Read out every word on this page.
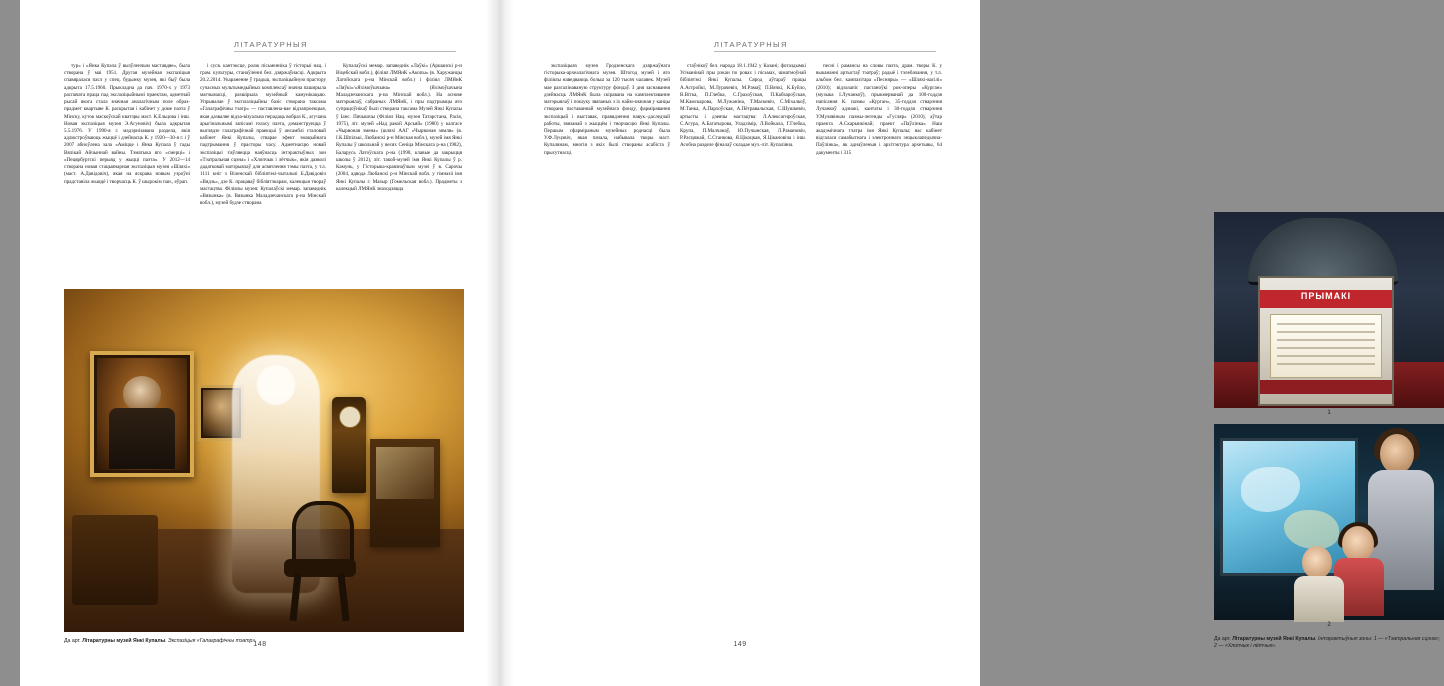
ЛІТАРАТУРНЫЯ

тур» і «Янка Купала ў вызўленчым маставдве», была створана ў маі 1951. Другая музейная экспазіцыя спавяралася пасл у спец. будынку музея, які быў была адкрыта 17.5.1960. Прыкладна да пач. 1970-х у 1973 распачата праца пад экслазіцыйнымі праектам, адметнай рысай якога стала значная аналагічным поле образ-прадмет квартыве К. раскрытая і кабінет у доме паэта ў Мінску, куток маскоўскай кватэры маст. К.Ельцова і інш. Новая экспазіцыя музея Э.Агуновіч) была адкрытая 5.5.1976. У 1990-я г. мадэрнізавана раздела, якія адлюстроўваюць жыццё і дзейнасць К. у 1920—30-я г. і ў 2007 абноўлена зала «Аміцце і Янка Купала ў гады Вялікай Айчыннай вайны. Тэматыка яго «смерці» і «Пецярбургскі перыяд у жыцці паэта». У 2012—14 створана новая стацыянарная экспазіцыя музея «Шляхі» (маст. А.Давідовіч), якая на яскрава новым узроўні прадставіла жыццё і творчасць К. ў шырокім пан., еўрап.

і суcв. кантэксце, ролю пісьменніка ў гісторыі нац. і грам. культуры, станаўленні бел. дзяржаўнасці. Адкрыта 20.2.2014. Укараненне ў традыц. экспазіцыйную прастору сучасных мультымедыйных комплексаў значна паширыла магчымасці, разшірыла музейный камунікацыю. Упрывалае ў эксплазіцыйны базіс створана таксама «Галаграфічны тэатр» — паставлена-вае відэапроекцыя, якая дазваляе відэа-візуальна перадаць вобраз К., агучана арыгінальнымі запісамі голасу паэта, дэманструецца ў выглядзе галаграфічнай праекцыі ў ансамблі сталовай кабінет Янкі Купалы, стварае эфект эмацыйнага падтрымання ў прасторы часу. Адметнасцю новай экспазіцыі з'яўляецца наяўнасць інтэрактыўных зон «Тэатральная сцэна» і «Хлопчык і лётчык», якія дазволі дадатковай матэрыялаў для асвятлення тэмы паэта, у т.л. 1111 кніг з Віленскай бібліятэкі-чытальні Б.Давідовіч «Вядзь», дзе К. працаваў бібліятэкарам, калекцыя твораў мастацтва. Філіялы музея: Купалаўскі мемар. запаведнік «Вязынка» (в. Вязынка Маладзечанскага р-на Мінскай вобл.), музей будзе створана

Купалаўскі мемар. запаведнік «Лаўкі» (Аршанскі р-н Віцебскай вобл.), філіял ЛМЯнК «Акопы» (в. Харужанцы Лагойскага р-на Мінскай вобл.) і філіял ЛМЯнК «Ляўкі»/«Яхімоўшчына» (Яхімоўшчына Маладзечанскага р-на Мінскай вобл.). На аснове матэрыялаў, сабраных ЛМЯнК, і пры падтрымцы яго супрацоўнікаў былі створана таксама Музей Янкі Купалы ў Іанс. Пячышчы (Філіял Нац. музея Татарстана, Расія, 1975), літ. музей «Над ракой Арсьяй» (1980) у калгасе «Чырвоная змена» (шляхі ААГ «Чырвоная зямля» (в. І.К.Шпількі, Любанскі р-н Мінская вобл.), музей імя Янкі Купалы ў школьнай у весях Сеніца Мінскага р-на (1982), Баларусь Латоўскага р-на (1998, клавые да закрыцця школы ў 2012), літ. такой-музей імя Янкі Купалы ў р. Камунь, у Гісторыка-краязнаўчым музеі ў в. Сарочы (2004, адвода Любанскі р-н Мінскай вобл. у гімназіі імя Янкі Купалы г. Мазыр (Гомельская вобл.). Прадметы з калекцый ЛМЯнК знаходзяцца

Да арт. Літаратурны музей Янкі Купалы. Экспазіцыя «Галаграфічны тэатр».
148
ЛІТАРАТУРНЫЯ

экспазіцыях музея Гродзенскага дзяржаўнага гісторыка-археалагічнага музея. Штогод музей і яго філіялы наведваюць больш за 120 тысяч чалавек. Музей мае разгалінаваную структуру фондаў. З дня заснавання дзейнасць ЛМЯнК была скіравана на камплектаванне матэрыялаў і пошуку звязаных з іх найм-значная у канцы створана паставаннай музейнага фонду, фарміравання экспазіцый і выставак, правядзення навук.-даследчай работы, звязанай з жыццём і творчасцю Янкі Купалы. Першым сфарміраным музейных роднасці была У.Ф.Луцэвіч, якая пачала, набывала творы маст. Купалянам, многія з якіх былі створаны асабіста ў прысутнасці.

стаўнікоў бел. народа 18.1.1942 у Казані; фотаздымкі Усіманінай пры рэкан по ровах і пісьмах, шматмоўнай бібліятэкі Янкі Купалы. Сярод аўтараў працы А.Астройкі, М.Лурачевіч, М.Рамаў, П.Вячкі, К.Буйло, В.Вітка, П.Глебка, С.Грахоўская, П.Кабзароўская, М.Камскарова, М.Лужаніна, Т.Маскевіч, С.Міхалкоў, М.Танка, А.Пархоўская, А.Пётравальская, С.Шушкевіч, артысты і дзеячы мастацтва: Л.Алексагнроўская, С.Агура, А.Багатырова, Уладзімір, Л.Войкала, Г.Глебка, Крупа, П.Малчанаў, Ю.Пучынская, Л.Рамановіч, Р.Расцяжай, С.Станкова, Я.Цікоцкая, Я.Цікановіча і інш. Асобна разделе фіналаў складае муз.-літ. Купаліяна.

песні і рамансы на словы паэта, драм. творы К. у выкананні артыстаў тэатраў; радыё і тэлебачання, у т.л. альбом бел. кампазітара «Песняры» — «Шляхі-васілі» (2010); відэазапіс пастаноўкі рок-оперы «Курган» (музыка І.Лучанкоў), прыкмерванай да 100-годдзя напісання К. паэмы «Курган», 35-годдзя стварэння Лучанкоў адзнакі, кантаты і 30-годдзя стварэння У.Мулявіным паэмы-легенды «Гусляр» (2010), аўтар праекта А.Скарынкінай; праект «Паўлінка» Наш акадэмічнага тэатра імя Янкі Купалы; вас кабінет відгалася самабытнага і электроннаго энцыклапедычна-Паўлінка», як аднаўленыя і архітэктура архетывы, 64 дакументы і 315

ПРЫМАКІ
1
2
Да арт. Літаратурны музей Янкі Купалы. Інтэрактыўныя зоны: 1 — «Тэатральная сцэна»; 2 — «Хлопчык і лётчык».
149
